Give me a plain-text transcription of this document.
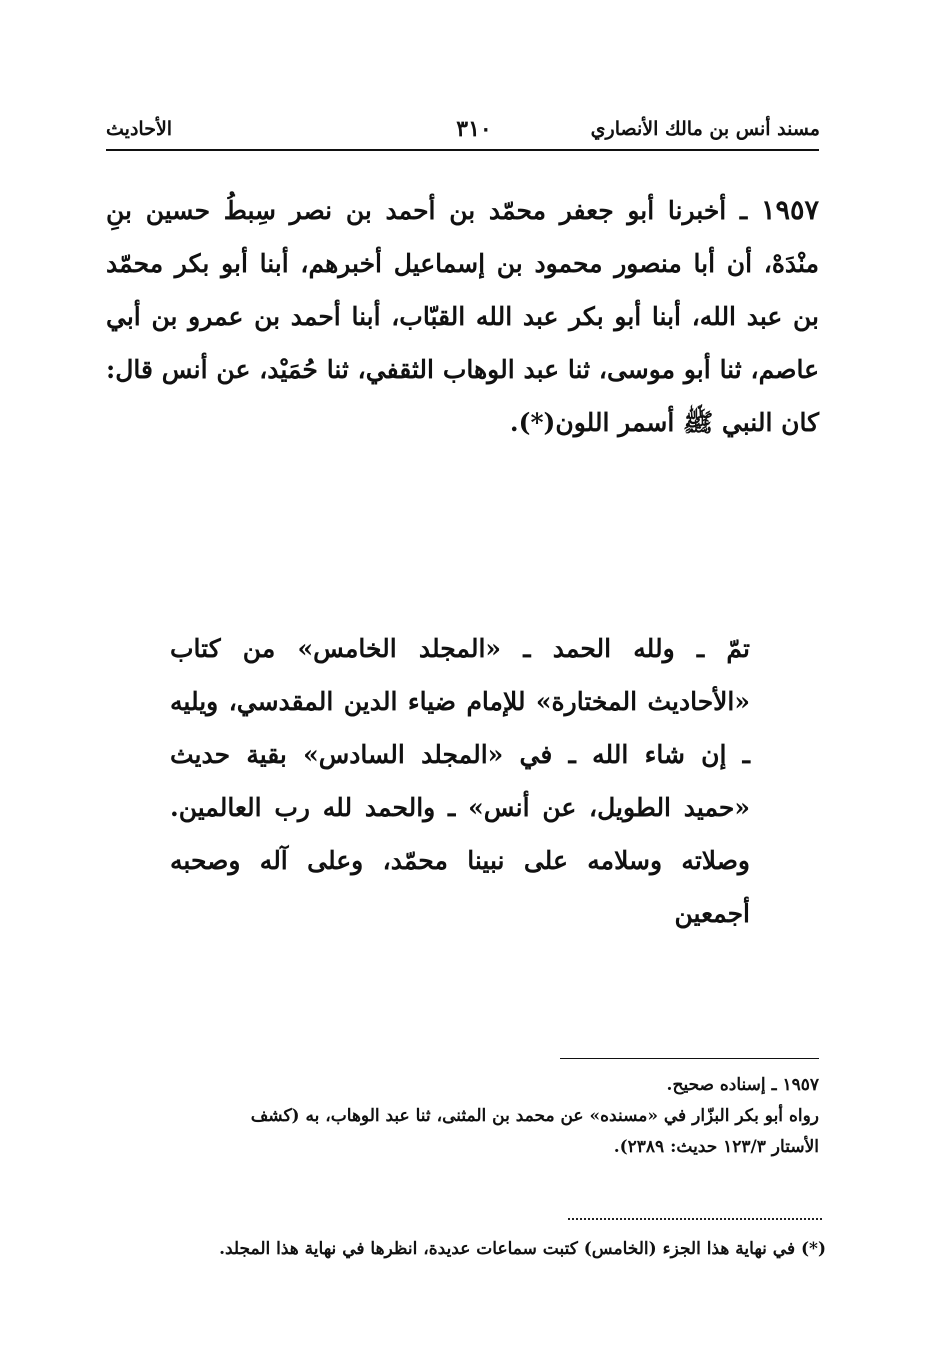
مسند أنس بن مالك الأنصاري
٣١٠
الأحاديث
١٩٥٧ ـ أخبرنا أبو جعفر محمّد بن أحمد بن نصر سِبطُ حسين بنِ منْدَهْ، أن أبا منصور محمود بن إسماعيل أخبرهم، أبنا أبو بكر محمّد بن عبد الله، أبنا أبو بكر عبد الله القبّاب، أبنا أحمد بن عمرو بن أبي عاصم، ثنا أبو موسى، ثنا عبد الوهاب الثقفي، ثنا حُمَيْد، عن أنس قال: كان النبي ﷺ أسمر اللون(*).
تمّ ـ ولله الحمد ـ «المجلد الخامس» من كتاب «الأحاديث المختارة» للإمام ضياء الدين المقدسي، ويليه ـ إن شاء الله ـ في «المجلد السادس» بقية حديث «حميد الطويل، عن أنس» ـ والحمد لله رب العالمين. وصلاته وسلامه على نبينا محمّد، وعلى آله وصحبه أجمعين
١٩٥٧ ـ إسناده صحيح.
رواه أبو بكر البزّار في «مسنده» عن محمد بن المثنى، ثنا عبد الوهاب، به (كشف
الأستار ١٢٣/٣ حديث: ٢٣٨٩).
(*) في نهاية هذا الجزء (الخامس) كتبت سماعات عديدة، انظرها في نهاية هذا المجلد.
